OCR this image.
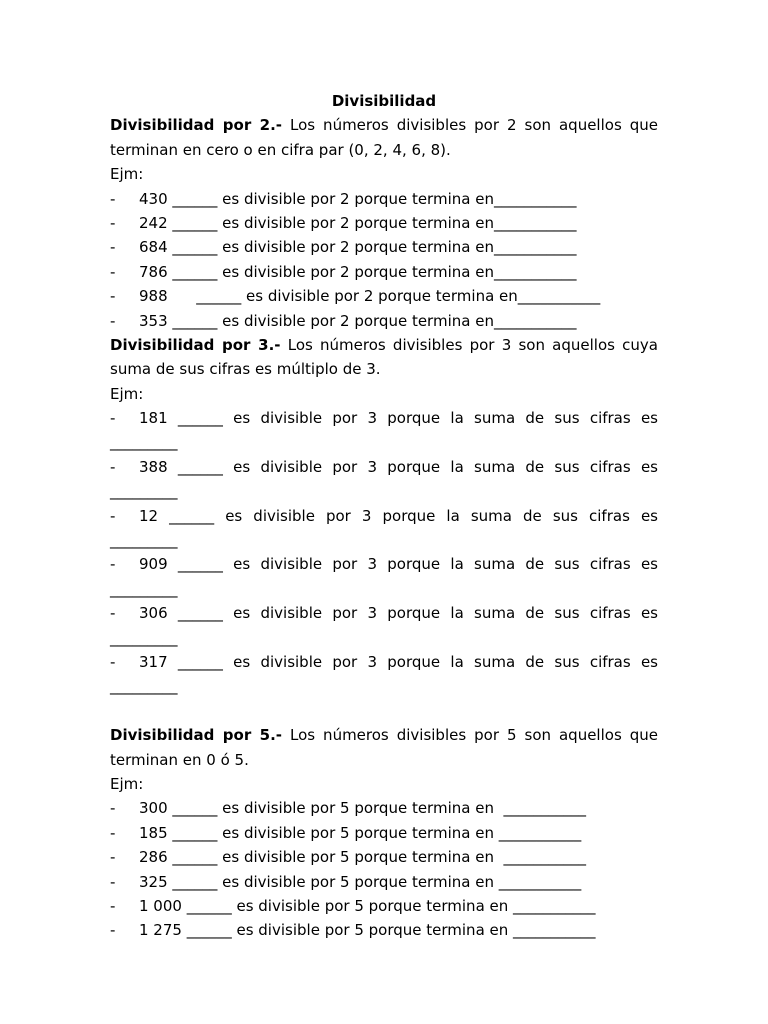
Divisibilidad
Divisibilidad por 2.- Los números divisibles por 2 son aquellos que
terminan en cero o en cifra par (0, 2, 4, 6, 8).
Ejm:
- 430 ______ es divisible por 2 porque termina en___________
- 242 ______ es divisible por 2 porque termina en___________
- 684 ______ es divisible por 2 porque termina en___________
- 786 ______ es divisible por 2 porque termina en___________
- 988      ______ es divisible por 2 porque termina en___________
- 353 ______ es divisible por 2 porque termina en___________
Divisibilidad por 3.- Los números divisibles por 3 son aquellos cuya
suma de sus cifras es múltiplo de 3.
Ejm:
- 181 ______ es divisible por 3 porque la suma de sus cifras es
_________
- 388 ______ es divisible por 3 porque la suma de sus cifras es
_________
- 12 ______ es divisible por 3 porque la suma de sus cifras es
_________
- 909 ______ es divisible por 3 porque la suma de sus cifras es
_________
- 306 ______ es divisible por 3 porque la suma de sus cifras es
_________
- 317 ______ es divisible por 3 porque la suma de sus cifras es
_________
Divisibilidad por 5.- Los números divisibles por 5 son aquellos que
terminan en 0 ó 5.
Ejm:
- 300 ______ es divisible por 5 porque termina en  ___________
- 185 ______ es divisible por 5 porque termina en ___________
- 286 ______ es divisible por 5 porque termina en  ___________
- 325 ______ es divisible por 5 porque termina en ___________
- 1 000 ______ es divisible por 5 porque termina en ___________
- 1 275 ______ es divisible por 5 porque termina en ___________
